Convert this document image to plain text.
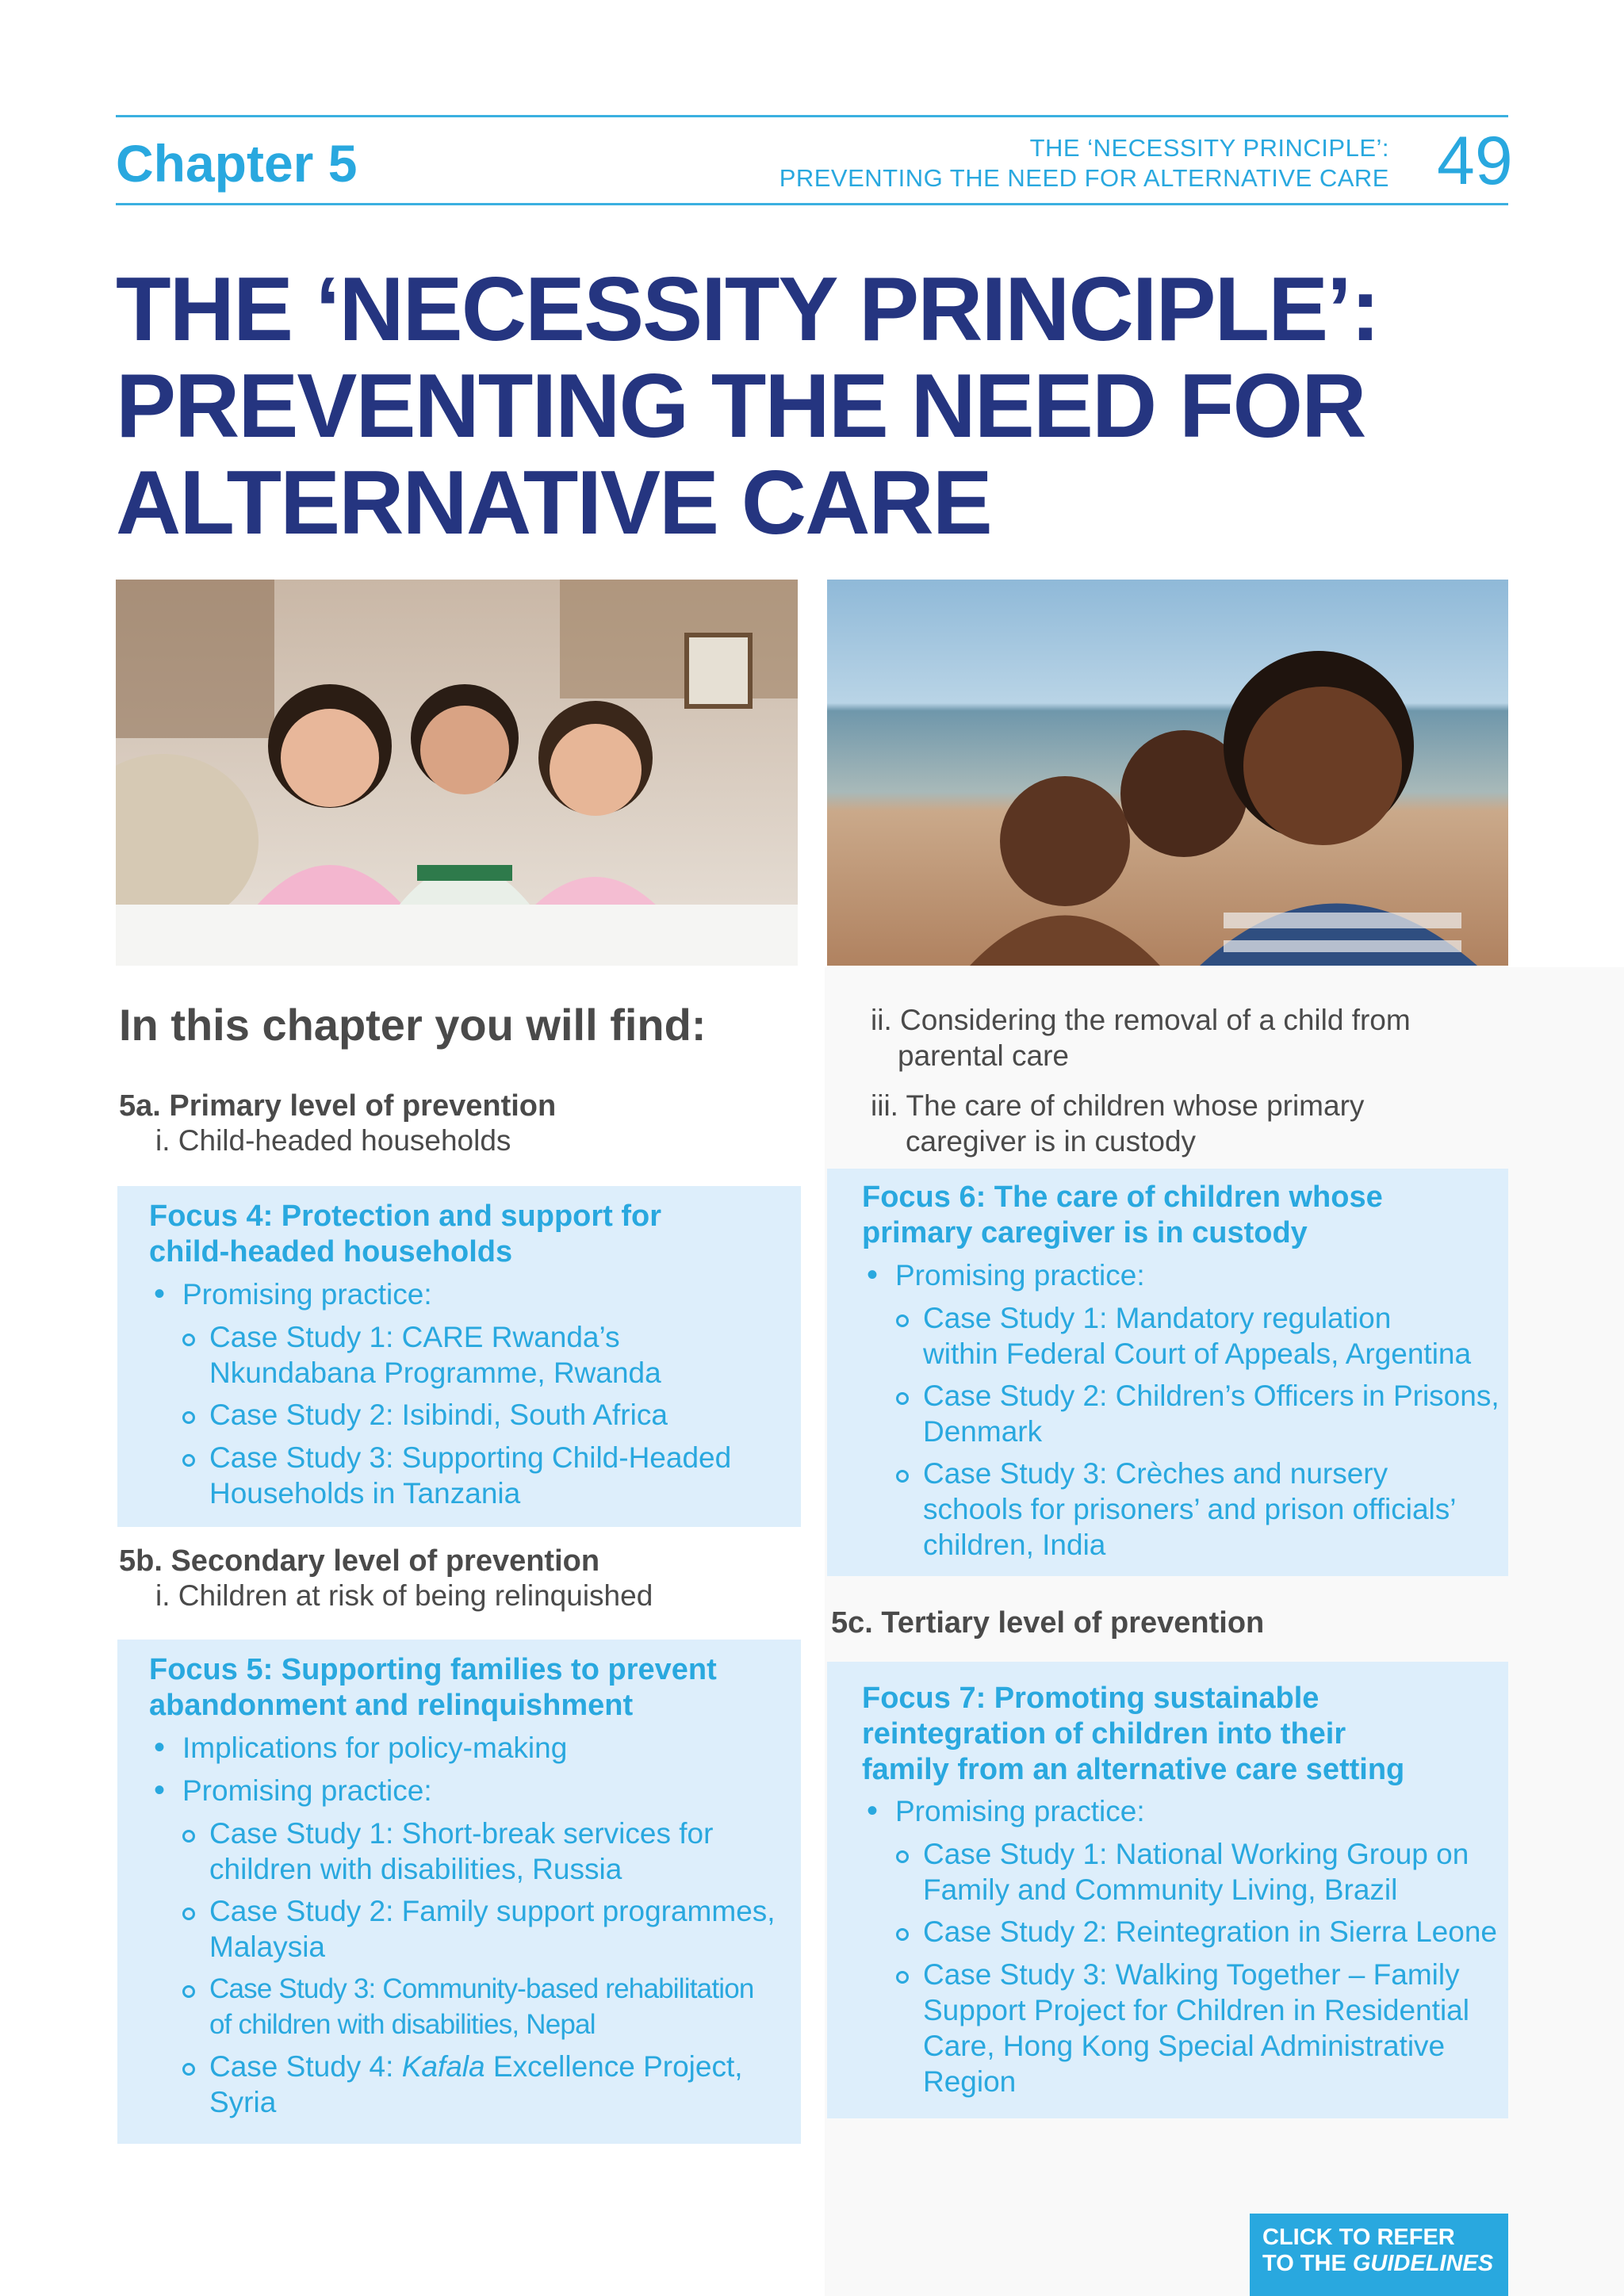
Chapter 5	THE ‘NECESSITY PRINCIPLE’:
PREVENTING THE NEED FOR ALTERNATIVE CARE 49
THE ‘NECESSITY PRINCIPLE’:
PREVENTING THE NEED FOR
ALTERNATIVE CARE
In this chapter you will find:
5a. Primary level of prevention
i. Child-headed households
Focus 4: Protection and support for
child-headed households
• Promising practice:
Case Study 1: CARE Rwanda’s
Nkundabana Programme, Rwanda
Case Study 2: Isibindi, South Africa
Case Study 3: Supporting Child-Headed
Households in Tanzania
5b. Secondary level of prevention
i. Children at risk of being relinquished
Focus 5: Supporting families to prevent
abandonment and relinquishment
• Implications for policy-making
• Promising practice:
Case Study 1: Short-break services for
children with disabilities, Russia
Case Study 2: Family support programmes,
Malaysia
Case Study 3: Community-based rehabilitation
of children with disabilities, Nepal
Case Study 4: Kafala Excellence Project,
Syria
ii. Considering the removal of a child from
parental care
iii. The care of children whose primary
caregiver is in custody
Focus 6: The care of children whose
primary caregiver is in custody
• Promising practice:
Case Study 1: Mandatory regulation
within Federal Court of Appeals, Argentina
Case Study 2: Children’s Officers in Prisons,
Denmark
Case Study 3: Crèches and nursery
schools for prisoners’ and prison officials’
children, India
5c. Tertiary level of prevention
Focus 7: Promoting sustainable
reintegration of children into their
family from an alternative care setting
• Promising practice:
Case Study 1: National Working Group on
Family and Community Living, Brazil
Case Study 2: Reintegration in Sierra Leone
Case Study 3: Walking Together – Family
Support Project for Children in Residential
Care, Hong Kong Special Administrative
Region
CLICK TO REFER
TO THE GUIDELINES
